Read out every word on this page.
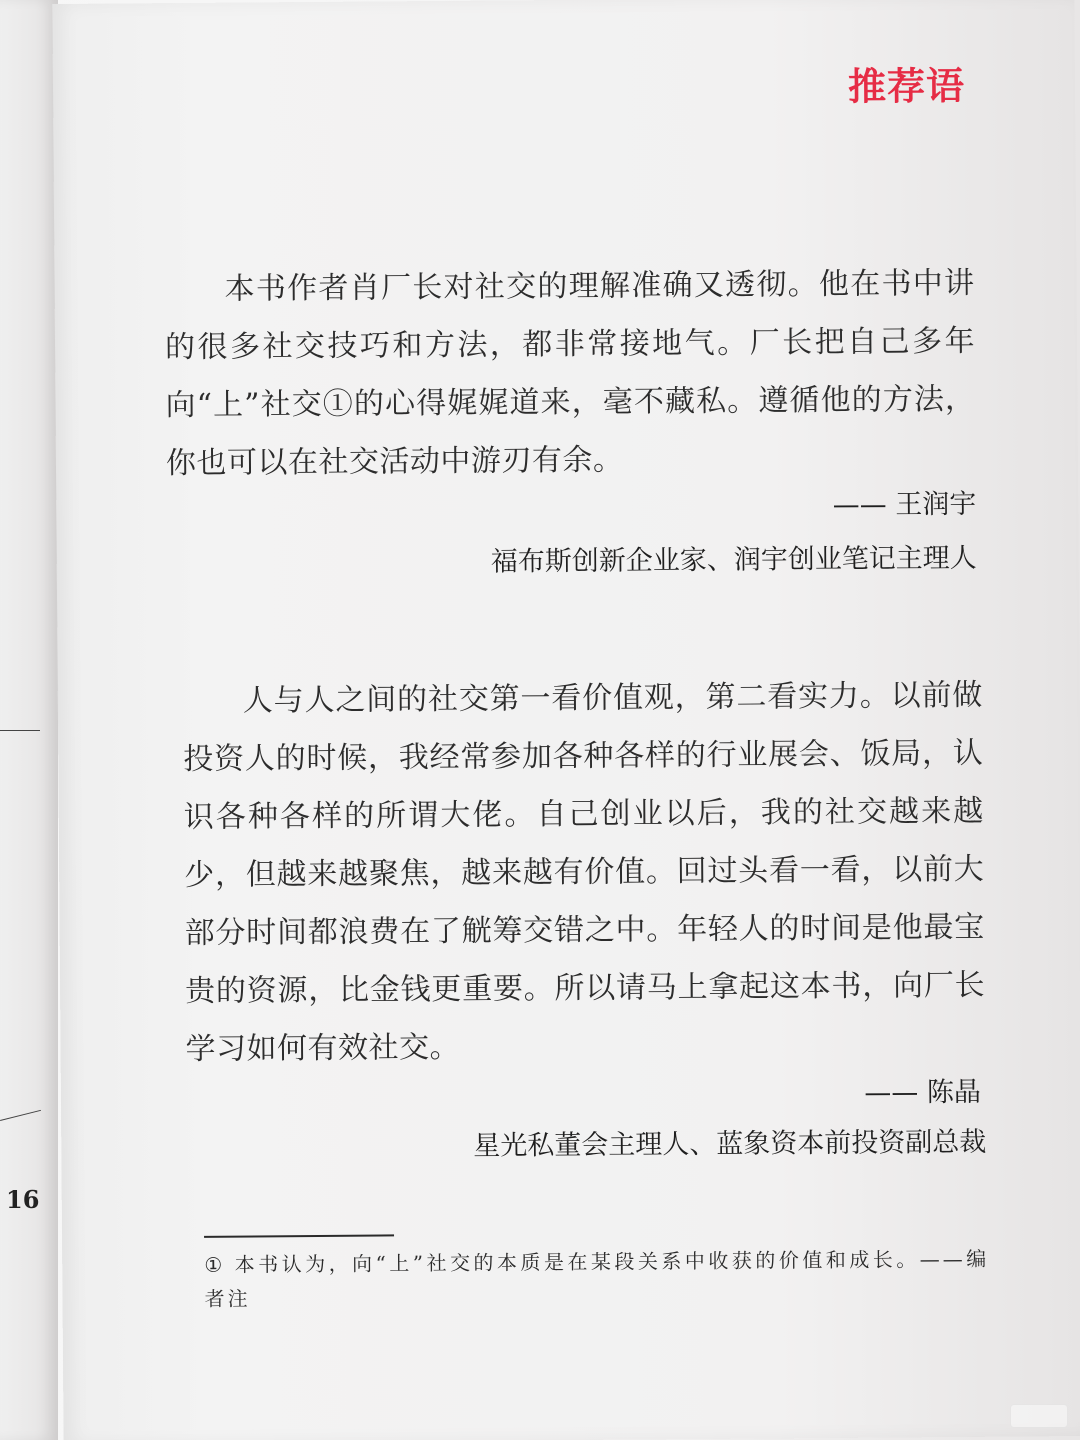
16
⠀
⠀
⠀
推荐语

本书作者肖厂长对社交的理解准确又透彻。他在书中讲的很多社交技巧和方法，都非常接地气。厂长把自己多年向“上”社交①的心得娓娓道来，毫不藏私。遵循他的方法，你也可以在社交活动中游刃有余。

—— 王润宇
福布斯创新企业家、润宇创业笔记主理人

人与人之间的社交第一看价值观，第二看实力。以前做投资人的时候，我经常参加各种各样的行业展会、饭局，认识各种各样的所谓大佬。自己创业以后，我的社交越来越少，但越来越聚焦，越来越有价值。回过头看一看，以前大部分时间都浪费在了觥筹交错之中。年轻人的时间是他最宝贵的资源，比金钱更重要。所以请马上拿起这本书，向厂长学习如何有效社交。

—— 陈晶
星光私董会主理人、蓝象资本前投资副总裁

① 本书认为，向“上”社交的本质是在某段关系中收获的价值和成长。——编者注
